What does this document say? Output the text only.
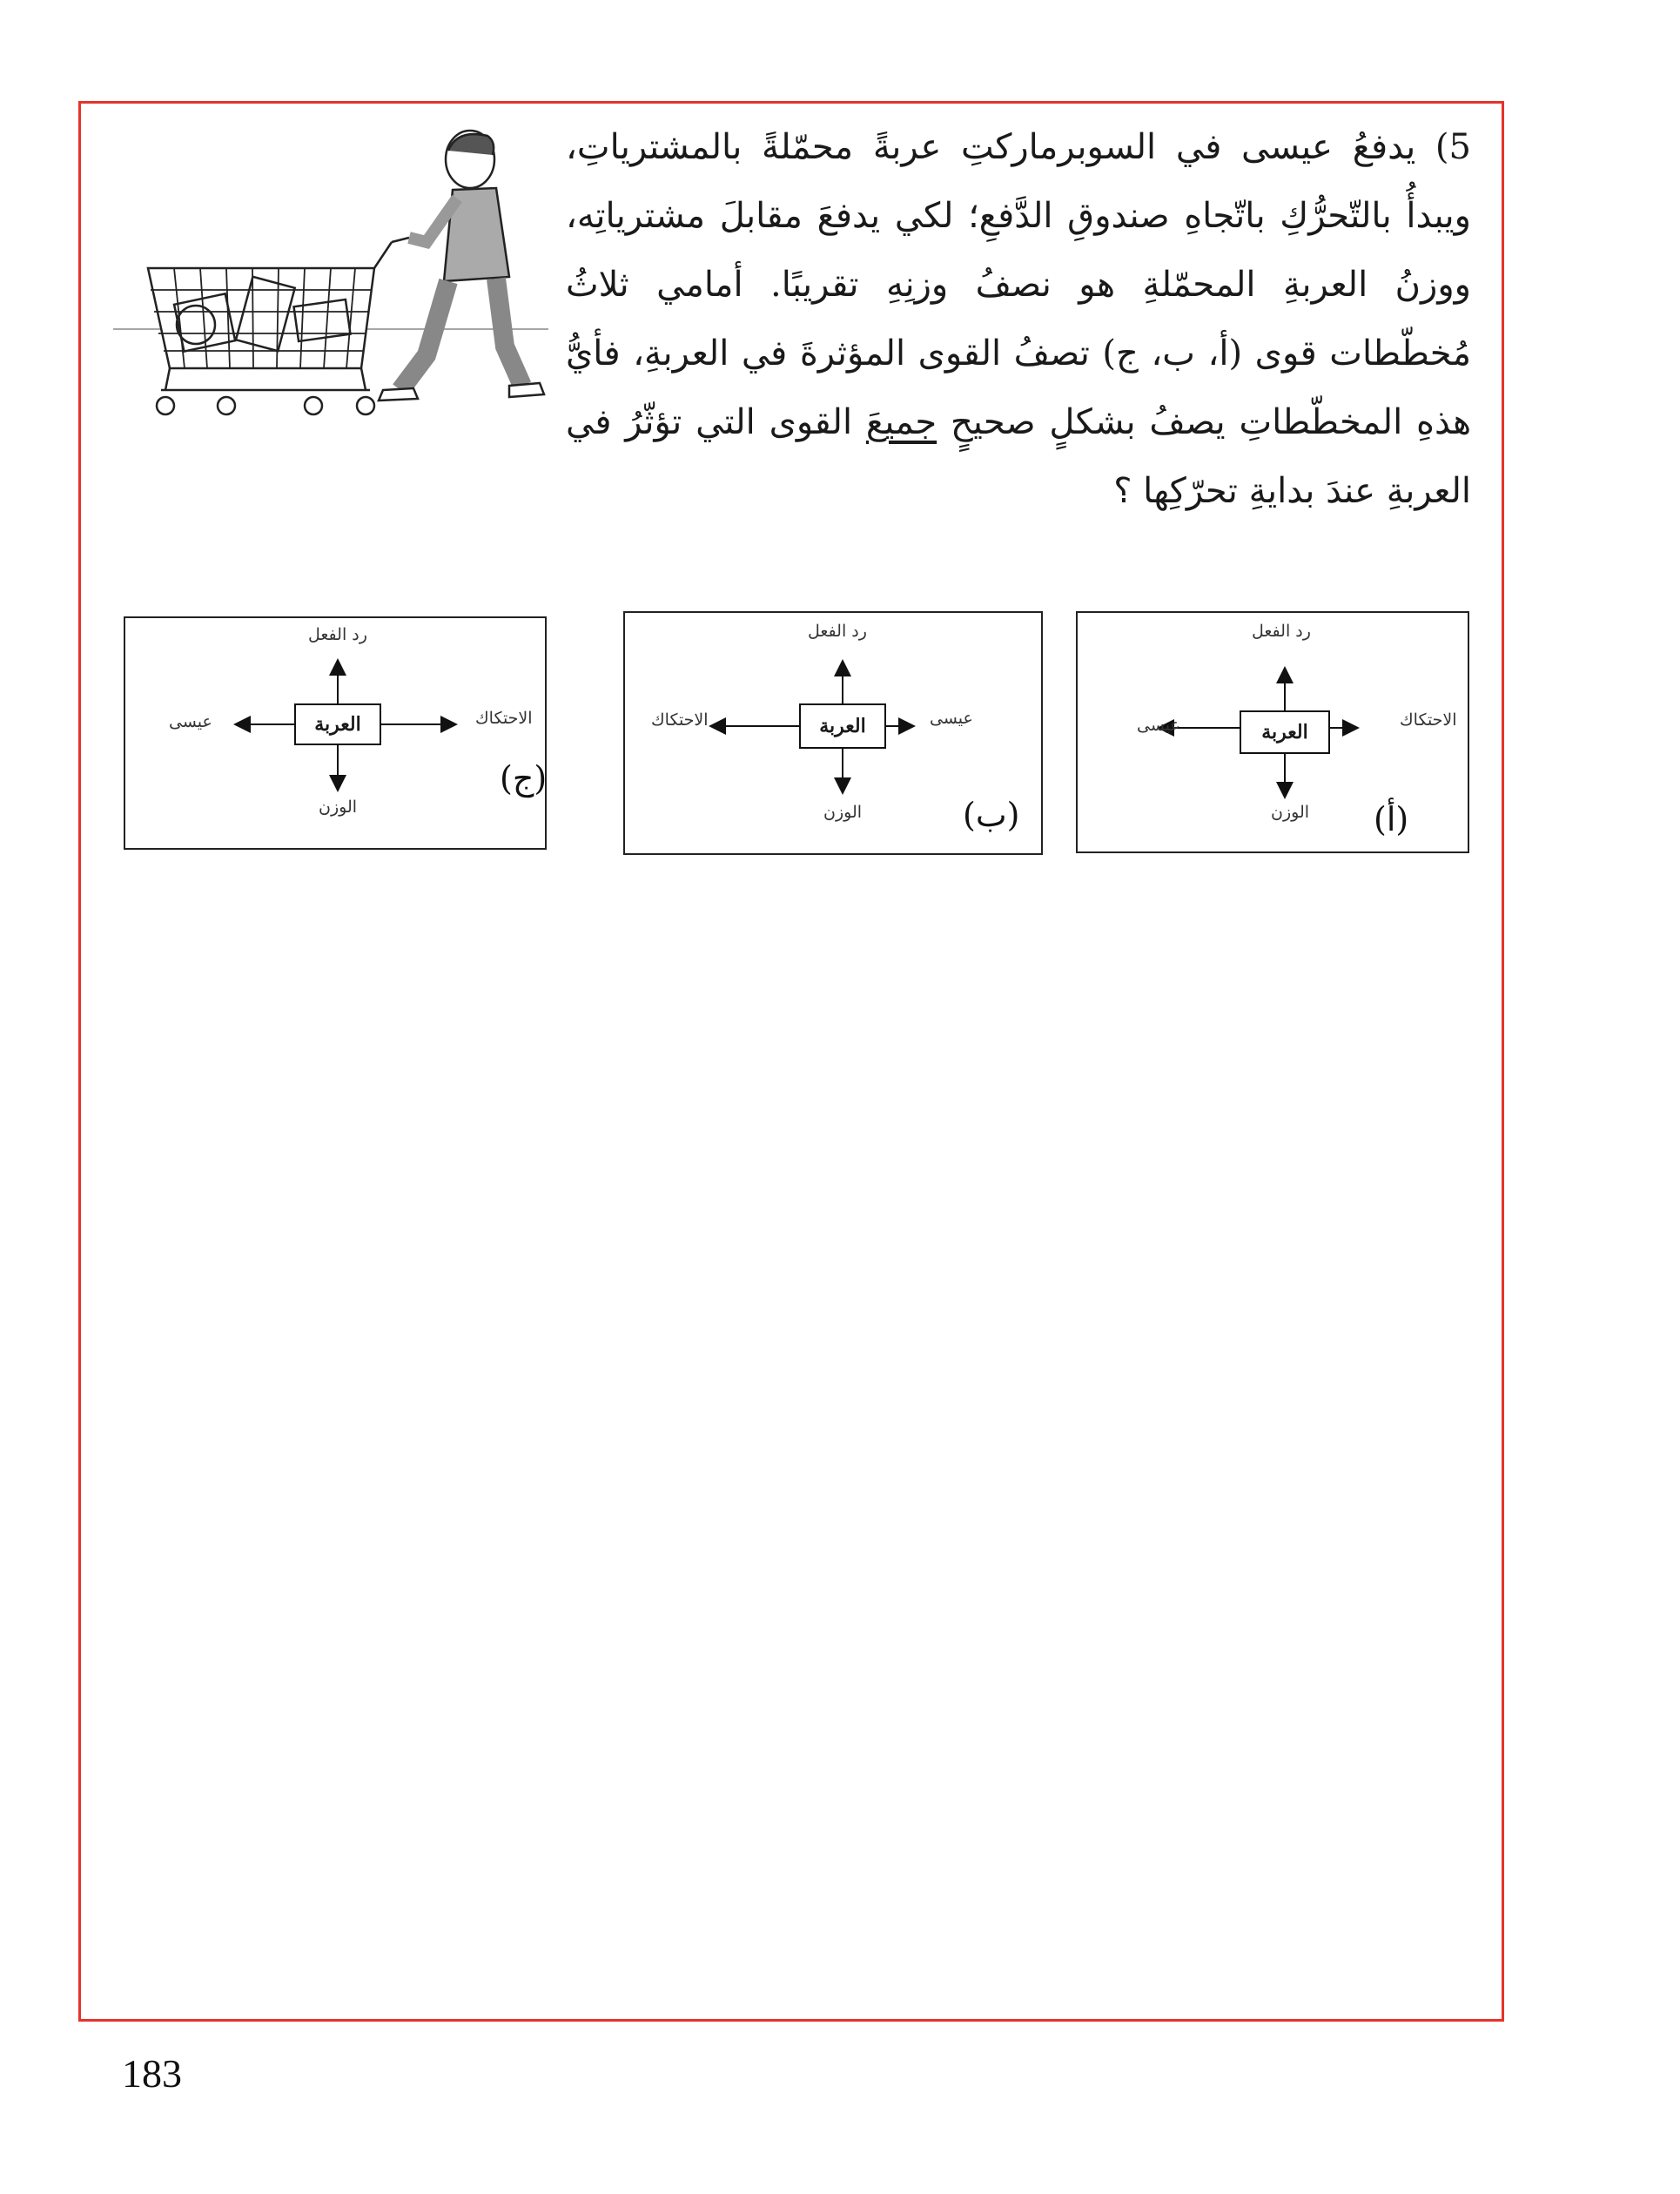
5) يدفعُ عيسى في السوبرماركتِ عربةً محمّلةً بالمشترياتِ، ويبدأُ بالتّحرُّكِ باتّجاهِ صندوقِ الدَّفعِ؛ لكي يدفعَ مقابلَ مشترياتِه، ووزنُ العربةِ المحمّلةِ هو نصفُ وزنِهِ تقريبًا. أمامي ثلاثُ مُخطّطات قوى (أ، ب، ج) تصفُ القوى المؤثرةَ في العربةِ، فأيُّ هذهِ المخطّطاتِ يصفُ بشكلٍ صحيحٍ جميعَ القوى التي تؤثّرُ في العربةِ عندَ بدايةِ تحرّكِها ؟
العربة
رد الفعل
عيسى	الاحتكاك
الوزن (أ)
العربة
رد الفعل
الاحتكاك	عيسى
الوزن	(ب)
العربة
رد الفعل
عيسى	الاحتكاك
الوزن
(ج)
183
